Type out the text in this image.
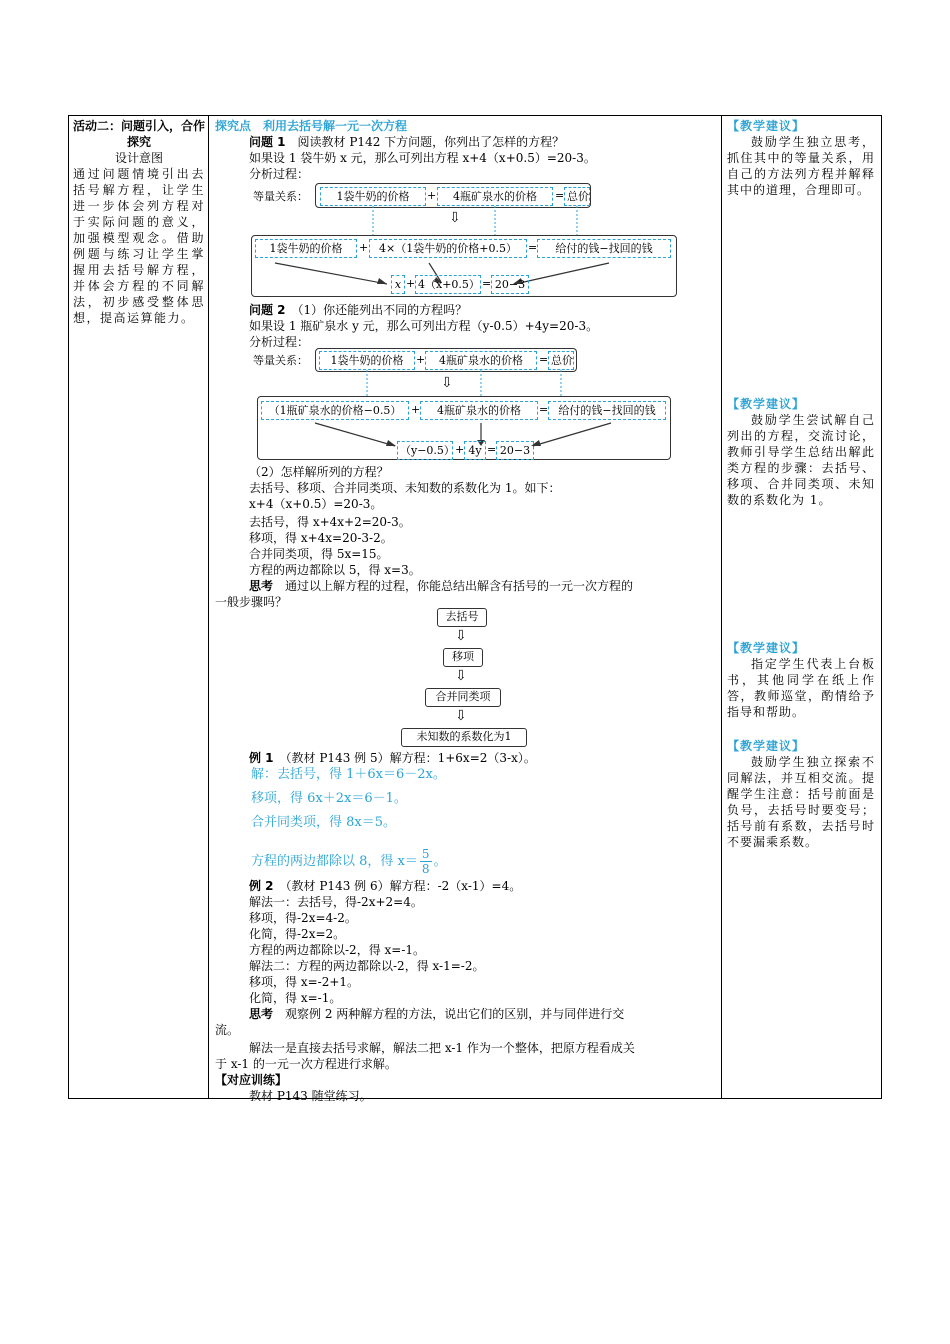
活动二：问题引入，合作探究
设计意图
通过问题情境引出去括号解方程，让学生进一步体会列方程对于实际问题的意义，加强模型观念。借助例题与练习让学生掌握用去括号解方程，并体会方程的不同解法，初步感受整体思想，提高运算能力。
探究点　利用去括号解一元一次方程
问题 1　 阅读教材 P142 下方问题，你列出了怎样的方程？
如果设 1 袋牛奶 x 元，那么可列出方程 x+4（x+0.5）=20-3。
分析过程：
等量关系：	1袋牛奶的价格	+	4瓶矿泉水的价格	= 总价
⇩
1袋牛奶的价格	+ 4×（1袋牛奶的价格+0.5）	=	给付的钱−找回的钱
x + 4（x+0.5） = 20−3
问题 2　 （1）你还能列出不同的方程吗？
如果设 1 瓶矿泉水 y 元，那么可列出方程（y-0.5）+4y=20-3。
分析过程：
等量关系：	1袋牛奶的价格	+	4瓶矿泉水的价格	= 总价
⇩
（1瓶矿泉水的价格−0.5） +	4瓶矿泉水的价格	= 给付的钱−找回的钱
（y−0.5） + 4y = 20−3
（2）怎样解所列的方程？
去括号、移项、合并同类项、未知数的系数化为 1。如下：
x+4（x+0.5）=20-3。
去括号，得 x+4x+2=20-3。
移项，得 x+4x=20-3-2。
合并同类项，得 5x=15。
方程的两边都除以 5，得 x=3。
思考　 通过以上解方程的过程，你能总结出解含有括号的一元一次方程的
一般步骤吗？
去括号
⇩
移项
⇩
合并同类项
⇩
未知数的系数化为1
例 1　 （教材 P143 例 5）解方程：1+6x=2（3-x）。
解：去括号，得 1＋6x＝6－2x。
移项，得 6x＋2x＝6－1。
合并同类项，得 8x＝5。
方程的两边都除以 8，得 $x= \frac{5}{8}$ 。
例 2　 （教材 P143 例 6）解方程：-2（x-1）=4。
解法一：去括号，得-2x+2=4。
移项，得-2x=4-2。
化简，得-2x=2。
方程的两边都除以-2，得 x=-1。
解法二：方程的两边都除以-2，得 x-1=-2。
移项，得 x=-2+1。
化简，得 x=-1。
思考　 观察例 2 两种解方程的方法，说出它们的区别，并与同伴进行交
流。
解法一是直接去括号求解，解法二把 x-1 作为一个整体，把原方程看成关
于 x-1 的一元一次方程进行求解。
【对应训练】
教材 P143 随堂练习。
【教学建议】
鼓励学生独立思考，抓住其中的等量关系，用自己的方法列方程并解释其中的道理，合理即可。
【教学建议】
鼓励学生尝试解自己列出的方程，交流讨论，教师引导学生总结出解此类方程的步骤：去括号、移项、合并同类项、未知数的系数化为 1。
【教学建议】
指定学生代表上台板书，其他同学在纸上作答，教师巡堂，酌情给予指导和帮助。
【教学建议】
鼓励学生独立探索不同解法，并互相交流。提醒学生注意：括号前面是负号，去括号时要变号；括号前有系数，去括号时不要漏乘系数。
